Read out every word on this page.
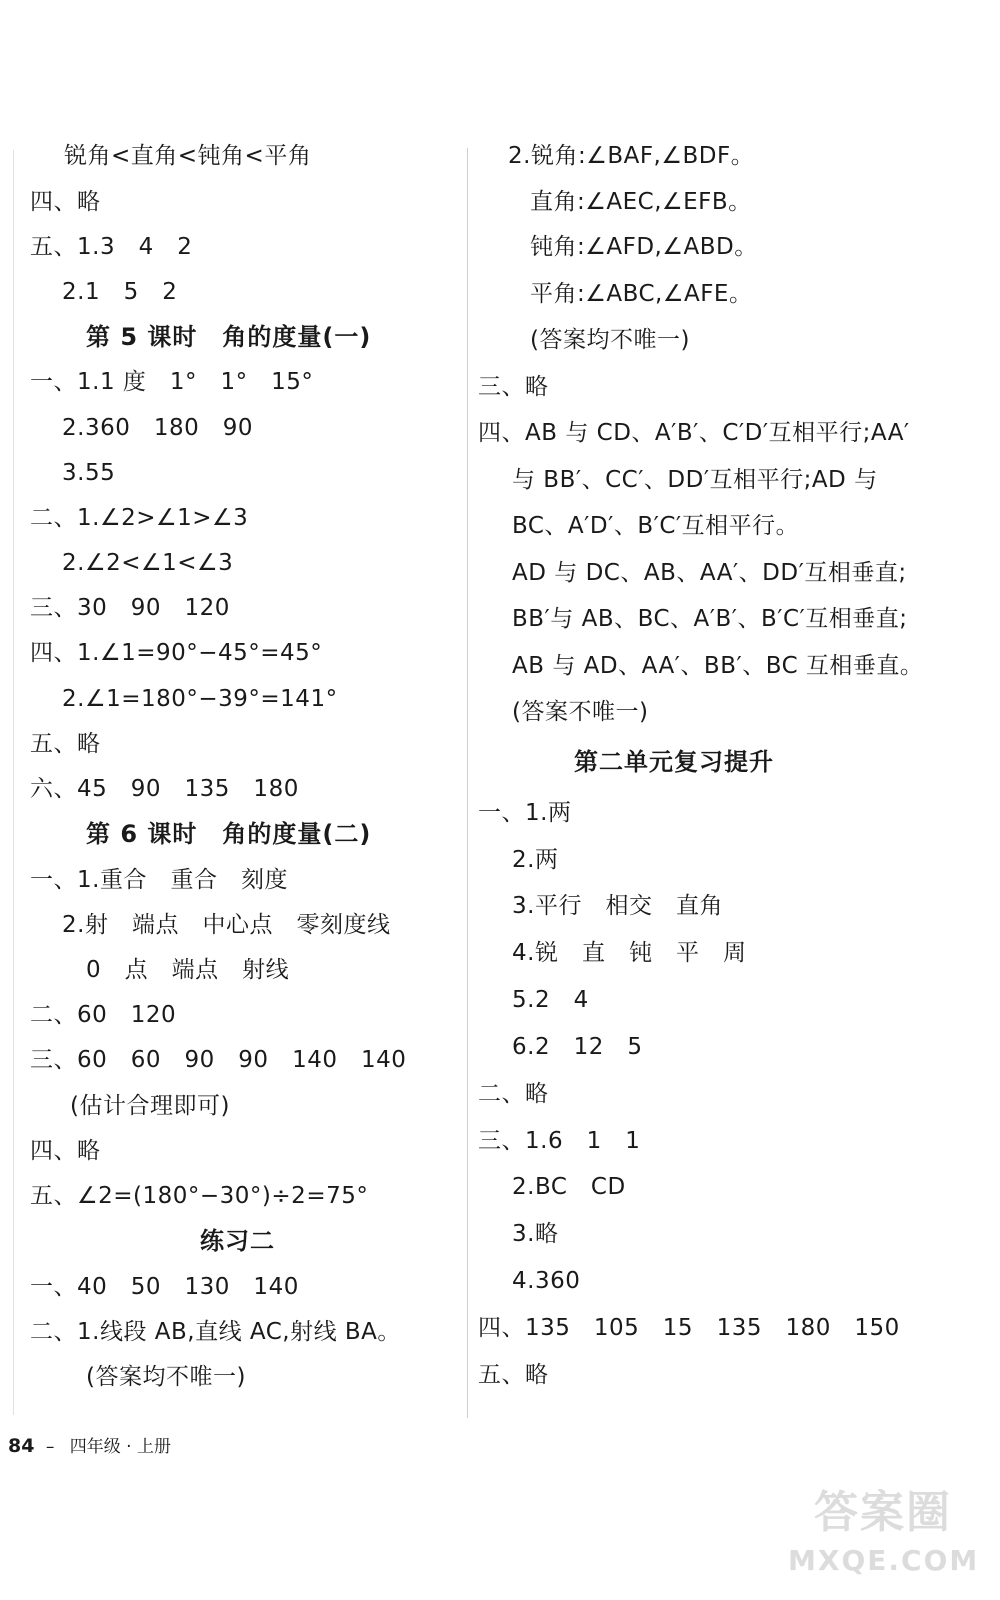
锐角<直角<钝角<平角
四、略
五、1.3　4　2
2.1　5　2
第 5 课时　角的度量(一)
一、1.1 度　1°　1°　15°
2.360　180　90
3.55
二、1.∠2>∠1>∠3
2.∠2<∠1<∠3
三、30　90　120
四、1.∠1=90°−45°=45°
2.∠1=180°−39°=141°
五、略
六、45　90　135　180
第 6 课时　角的度量(二)
一、1.重合　重合　刻度
2.射　端点　中心点　零刻度线
0　点　端点　射线
二、60　120
三、60　60　90　90　140　140
(估计合理即可)
四、略
五、∠2=(180°−30°)÷2=75°
练习二
一、40　50　130　140
二、1.线段 AB,直线 AC,射线 BA。
(答案均不唯一)
2.锐角:∠BAF,∠BDF。
直角:∠AEC,∠EFB。
钝角:∠AFD,∠ABD。
平角:∠ABC,∠AFE。
(答案均不唯一)
三、略
四、AB 与 CD、A′B′、C′D′互相平行;AA′
与 BB′、CC′、DD′互相平行;AD 与
BC、A′D′、B′C′互相平行。
AD 与 DC、AB、AA′、DD′互相垂直;
BB′与 AB、BC、A′B′、B′C′互相垂直;
AB 与 AD、AA′、BB′、BC 互相垂直。
(答案不唯一)
第二单元复习提升
一、1.两
2.两
3.平行　相交　直角
4.锐　直　钝　平　周
5.2　4
6.2　12　5
二、略
三、1.6　1　1
2.BC　CD
3.略
4.360
四、135　105　15　135　180　150
五、略
84 – 四年级 · 上册
答案圈
MXQE.COM
